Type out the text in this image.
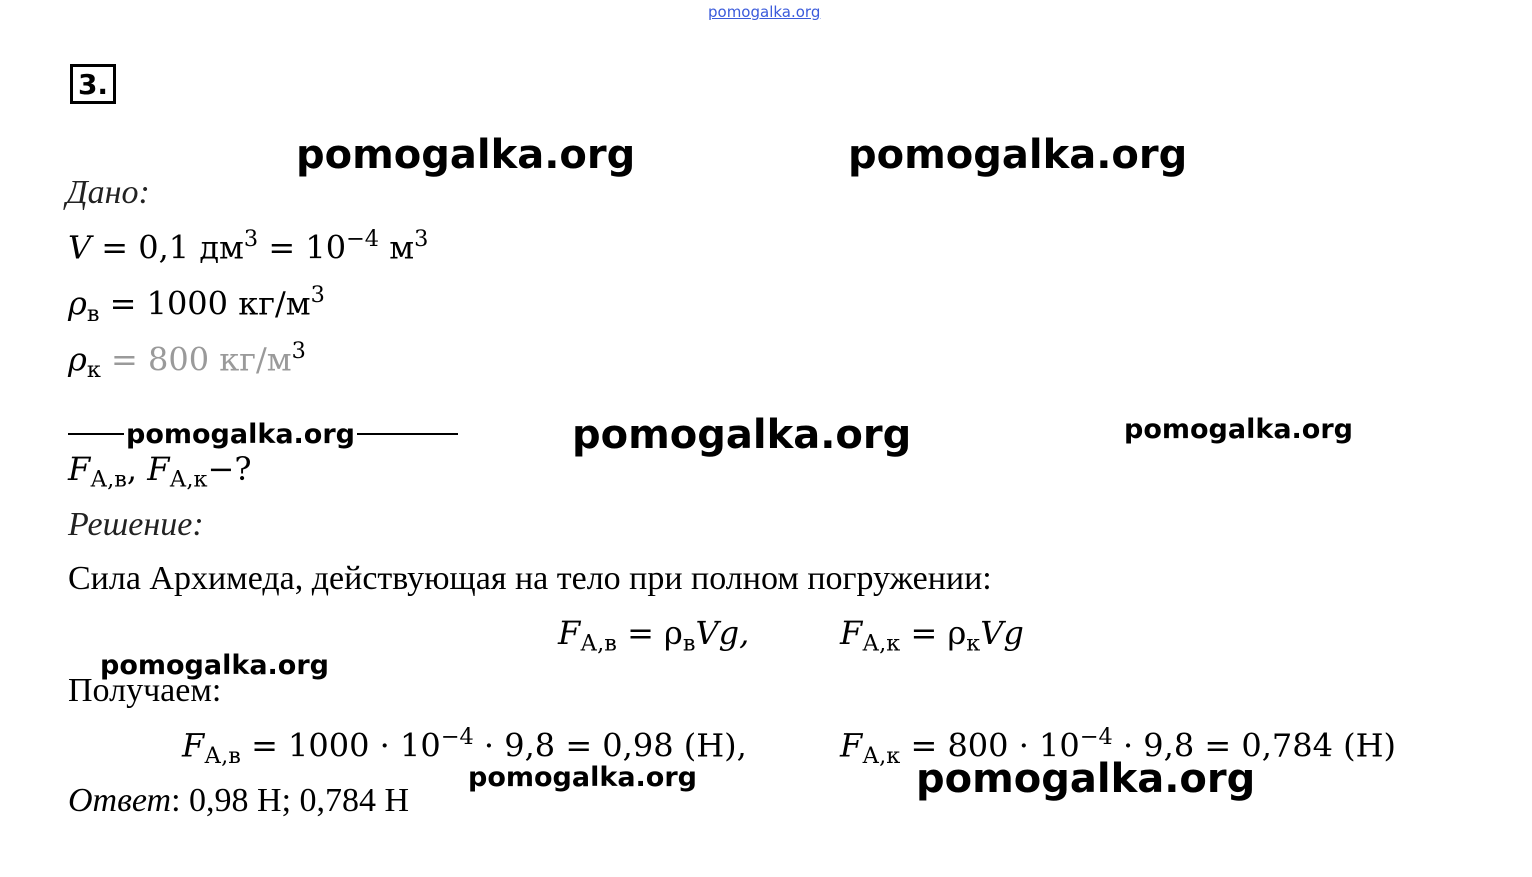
pomogalka.org
3.
pomogalka.org	pomogalka.org
Дано:
V = 0,1 $дм^3 = 10^{-4}$ $м^3$
$\rho_в = 1000$ $кг/м^3$
$\rho_к = 800$ $кг/м^3$
pomogalka.org	pomogalka.org	pomogalka.org
$F_{А,в}$, $F_{А,к}-$?
Решение:
Сила Архимеда, действующая на тело при полном погружении:
$F_{А,в} = \rho_вVg$,	$F_{А,к} = \rho_кVg$
Получаем:
pomogalka.org
$F_{А,в} = 1000 \cdot 10^{-4} \cdot 9,8 = 0,98$ (Н),	$F_{А,к} = 800 \cdot 10^{-4} \cdot 9,8 = 0,784$ (Н)
Ответ: 0,98 Н; 0,784 Н
pomogalka.org	pomogalka.org
